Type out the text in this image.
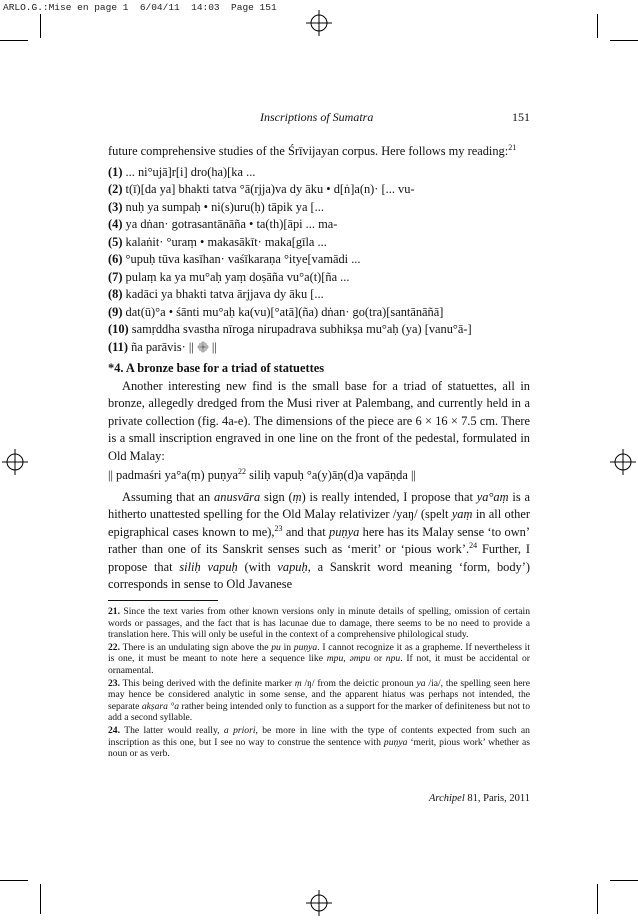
ARLO.G.:Mise en page 1  6/04/11  14:03  Page 151
Inscriptions of Sumatra	151

future comprehensive studies of the Śrīvijayan corpus. Here follows my reading:$^{21}$

(1) ... ni°ujā]r[i] dro(ha)[ka ...
(2) t(ī)[da ya] bhakti tatva °ā(rjja)va dy āku • d[ṅ]a(n)· [... vu-
(3) nuḥ ya sumpaḥ • ni(s)uru(ḥ) tāpik ya [...
(4) ya dṅan· gotrasantānāña • ta(th)[āpi ... ma-
(5) kalaṅit· °uraṃ • makasākīt· maka[gīla ...
(6) °upuḥ tūva kasīhan· vaśīkaraṇa °itye[vamādi ...
(7) pulaṃ ka ya mu°aḥ yaṃ doṣāña vu°a(t)[ña ...
(8) kadāci ya bhakti tatva ārjjava dy āku [...
(9) dat(ū)°a • śānti mu°aḥ ka(vu)[°atā](ña) dṅan· go(tra)[santānāñā]
(10) samṛddha svastha nīroga nirupadrava subhikṣa mu°aḥ (ya) [vanu°ā-]
(11) ña parāvis· || ||

*4. A bronze base for a triad of statuettes

Another interesting new find is the small base for a triad of statuettes, all in bronze, allegedly dredged from the Musi river at Palembang, and currently held in a private collection (fig. 4a-e). The dimensions of the piece are 6 × 16 × 7.5 cm. There is a small inscription engraved in one line on the front of the pedestal, formulated in Old Malay:

|| padmaśri ya°a(ṃ) puṇya$^{22}$ siliḥ vapuḥ °a(y)āṇ(d)a vapāṇḍa ||

Assuming that an anusvāra sign (ṃ) is really intended, I propose that ya°aṃ is a hitherto unattested spelling for the Old Malay relativizer /yaŋ/ (spelt yaṃ in all other epigraphical cases known to me),$^{23}$ and that puṇya here has its Malay sense ‘to own’ rather than one of its Sanskrit senses such as ‘merit’ or ‘pious work’.$^{24}$ Further, I propose that siliḥ vapuḥ (with vapuḥ, a Sanskrit word meaning ‘form, body’) corresponds in sense to Old Javanese

21. Since the text varies from other known versions only in minute details of spelling, omission of certain words or passages, and the fact that is has lacunae due to damage, there seems to be no need to provide a translation here. This will only be useful in the context of a comprehensive philological study.

22. There is an undulating sign above the pu in puṇya. I cannot recognize it as a grapheme. If nevertheless it is one, it must be meant to note here a sequence like mpu, əmpu or npu. If not, it must be accidental or ornamental.

23. This being derived with the definite marker ṃ /ŋ/ from the deictic pronoun ya /ia/, the spelling seen here may hence be considered analytic in some sense, and the apparent hiatus was perhaps not intended, the separate akṣara °a rather being intended only to function as a support for the marker of definiteness but not to add a second syllable.

24. The latter would really, a priori, be more in line with the type of contents expected from such an inscription as this one, but I see no way to construe the sentence with puṇya ‘merit, pious work’ whether as noun or as verb.

Archipel 81, Paris, 2011
